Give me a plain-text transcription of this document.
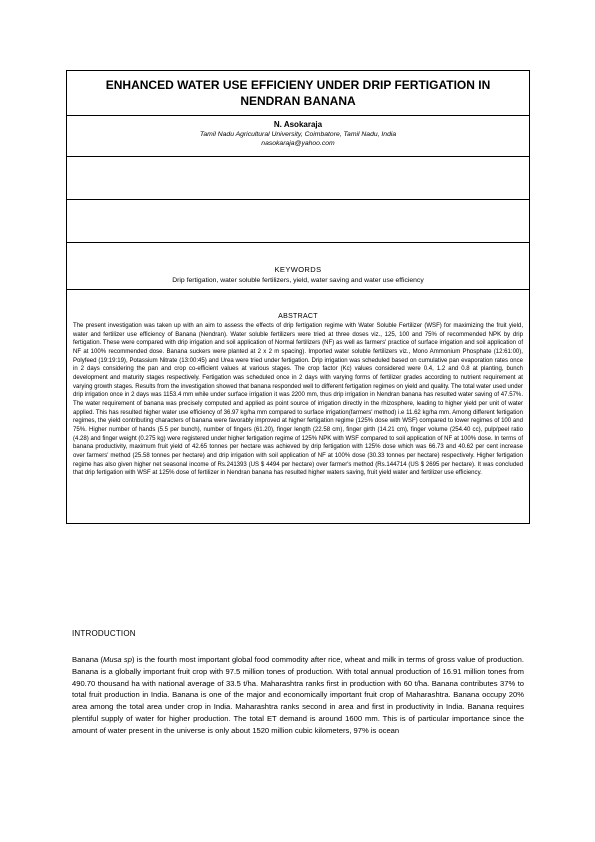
ENHANCED WATER USE EFFICIENY UNDER DRIP FERTIGATION IN NENDRAN BANANA
N. Asokaraja
Tamil Nadu Agricultural University, Coimbatore, Tamil Nadu, India
nasokaraja@yahoo.com
KEYWORDS
Drip fertigation, water soluble fertilizers, yield, water saving and water use efficiency
ABSTRACT
The present investigation was taken up with an aim to assess the effects of drip fertigation regime with Water Soluble Fertilizer (WSF) for maximizing the fruit yield, water and fertilizer use efficiency of Banana (Nendran). Water soluble fertilizers were tried at three doses viz., 125, 100 and 75% of recommended NPK by drip fertigation. These were compared with drip irrigation and soil application of Normal fertilizers (NF) as well as farmers' practice of surface irrigation and soil application of NF at 100% recommended dose. Banana suckers were planted at 2 x 2 m spacing). Imported water soluble fertilizers viz., Mono Ammonium Phosphate (12:61:00), Polyfeed (19:19:19), Potassium Nitrate (13:00:45) and Urea were tried under fertigation. Drip irrigation was scheduled based on cumulative pan evaporation rates once in 2 days considering the pan and crop co-efficient values at various stages. The crop factor (Kc) values considered were 0.4, 1.2 and 0.8 at planting, bunch development and maturity stages respectively. Fertigation was scheduled once in 2 days with varying forms of fertilizer grades according to nutrient requirement at varying growth stages. Results from the investigation showed that banana responded well to different fertigation regimes on yield and quality. The total water used under drip irrigation once in 2 days was 1153.4 mm while under surface irrigation it was 2200 mm, thus drip irrigation in Nendran banana has resulted water saving of 47.57%. The water requirement of banana was precisely computed and applied as point source of irrigation directly in the rhizosphere, leading to higher yield per unit of water applied. This has resulted higher water use efficiency of 36.97 kg/ha mm compared to surface irrigation(farmers' method) i.e 11.62 kg/ha mm. Among different fertigation regimes, the yield contributing characters of banana were favorably improved at higher fertigation regime (125% dose with WSF) compared to lower regimes of 100 and 75%. Higher number of hands (5.5 per bunch), number of fingers (61.20), finger length (22.58 cm), finger girth (14.21 cm), finger volume (254.40 cc), pulp/peel ratio (4.28) and finger weight (0.275 kg) were registered under higher fertigation regime of 125% NPK with WSF compared to soil application of NF at 100% dose. In terms of banana productivity, maximum fruit yield of 42.65 tonnes per hectare was achieved by drip fertigation with 125% dose which was 66.73 and 40.62 per cent increase over farmers' method (25.58 tonnes per hectare) and drip irrigation with soil application of NF at 100% dose (30.33 tonnes per hectare) respectively. Higher fertigation regime has also given higher net seasonal income of Rs.241393 (US $ 4494 per hectare) over farmer's method (Rs.144714 (US $ 2695 per hectare). It was concluded that drip fertigation with WSF at 125% dose of fertilizer in Nendran banana has resulted higher waters saving, fruit yield water and fertilizer use efficiency.
INTRODUCTION

Banana (Musa sp) is the fourth most important global food commodity after rice, wheat and milk in terms of gross value of production. Banana is a globally important fruit crop with 97.5 million tones of production. With total annual production of 16.91 million tones from 490.70 thousand ha with national average of 33.5 t/ha. Maharashtra ranks first in production with 60 t/ha. Banana contributes 37% to total fruit production in India. Banana is one of the major and economically important fruit crop of Maharashtra. Banana occupy 20% area among the total area under crop in India. Maharashtra ranks second in area and first in productivity in India. Banana requires plentiful supply of water for higher production. The total ET demand is around 1600 mm. This is of particular importance since the amount of water present in the universe is only about 1520 million cubic kilometers, 97% is ocean
